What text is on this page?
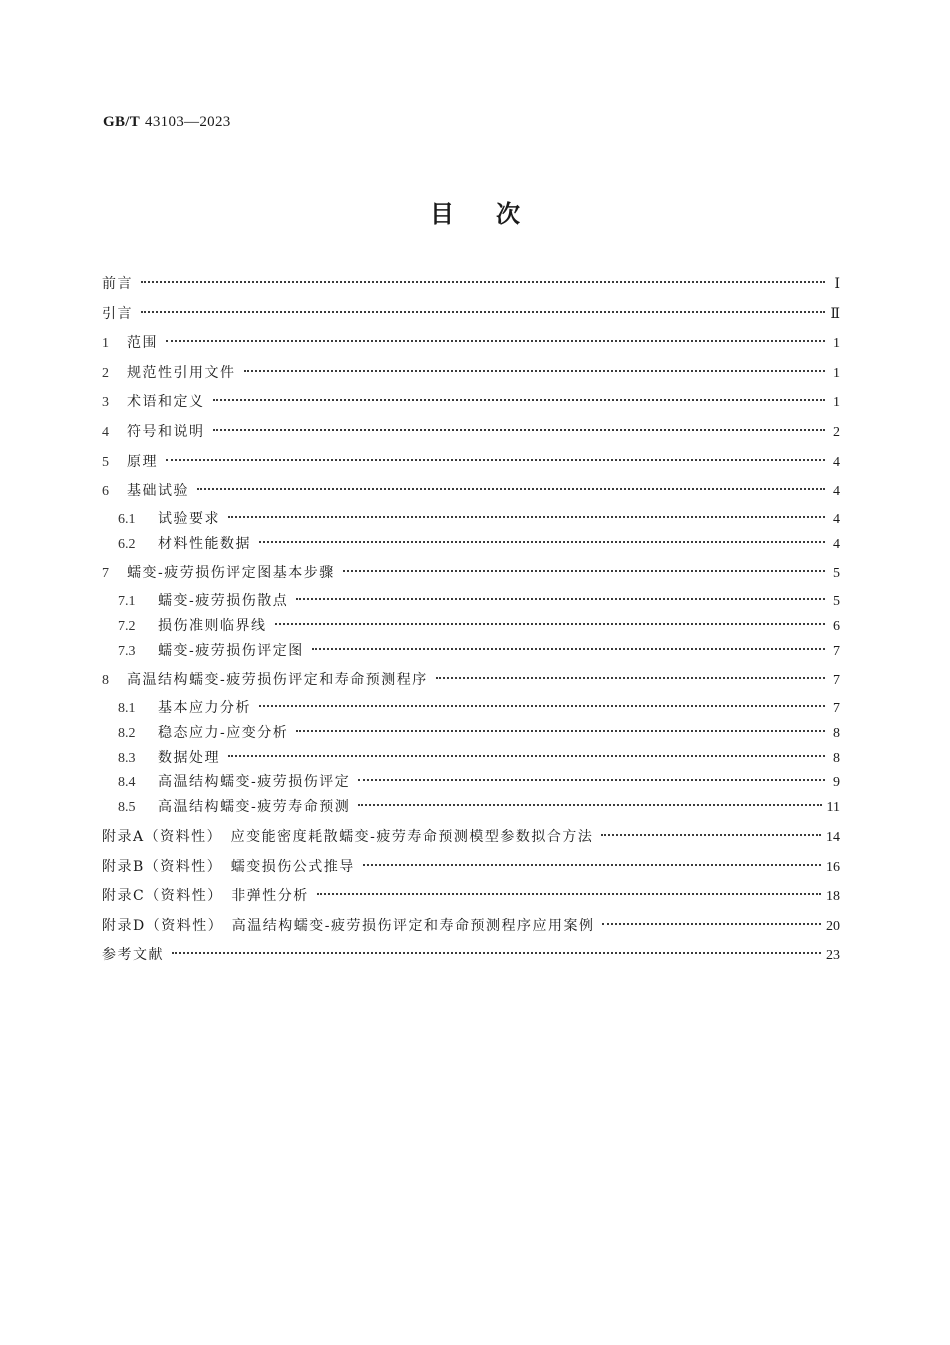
GB/T 43103—2023

目次
前言	Ⅰ
引言	Ⅱ
1	范围	1
2	规范性引用文件	1
3	术语和定义	1
4	符号和说明	2
5	原理	4
6	基础试验	4
6.1	试验要求	4
6.2	材料性能数据	4
7	蠕变-疲劳损伤评定图基本步骤	5
7.1	蠕变-疲劳损伤散点	5
7.2	损伤准则临界线	6
7.3	蠕变-疲劳损伤评定图	7
8	高温结构蠕变-疲劳损伤评定和寿命预测程序	7
8.1	基本应力分析	7
8.2	稳态应力-应变分析	8
8.3	数据处理	8
8.4	高温结构蠕变-疲劳损伤评定	9
8.5	高温结构蠕变-疲劳寿命预测	11
附录A（资料性）　应变能密度耗散蠕变-疲劳寿命预测模型参数拟合方法	14
附录B（资料性）　蠕变损伤公式推导	16
附录C（资料性）　非弹性分析	18
附录D（资料性）　高温结构蠕变-疲劳损伤评定和寿命预测程序应用案例	20
参考文献	23
